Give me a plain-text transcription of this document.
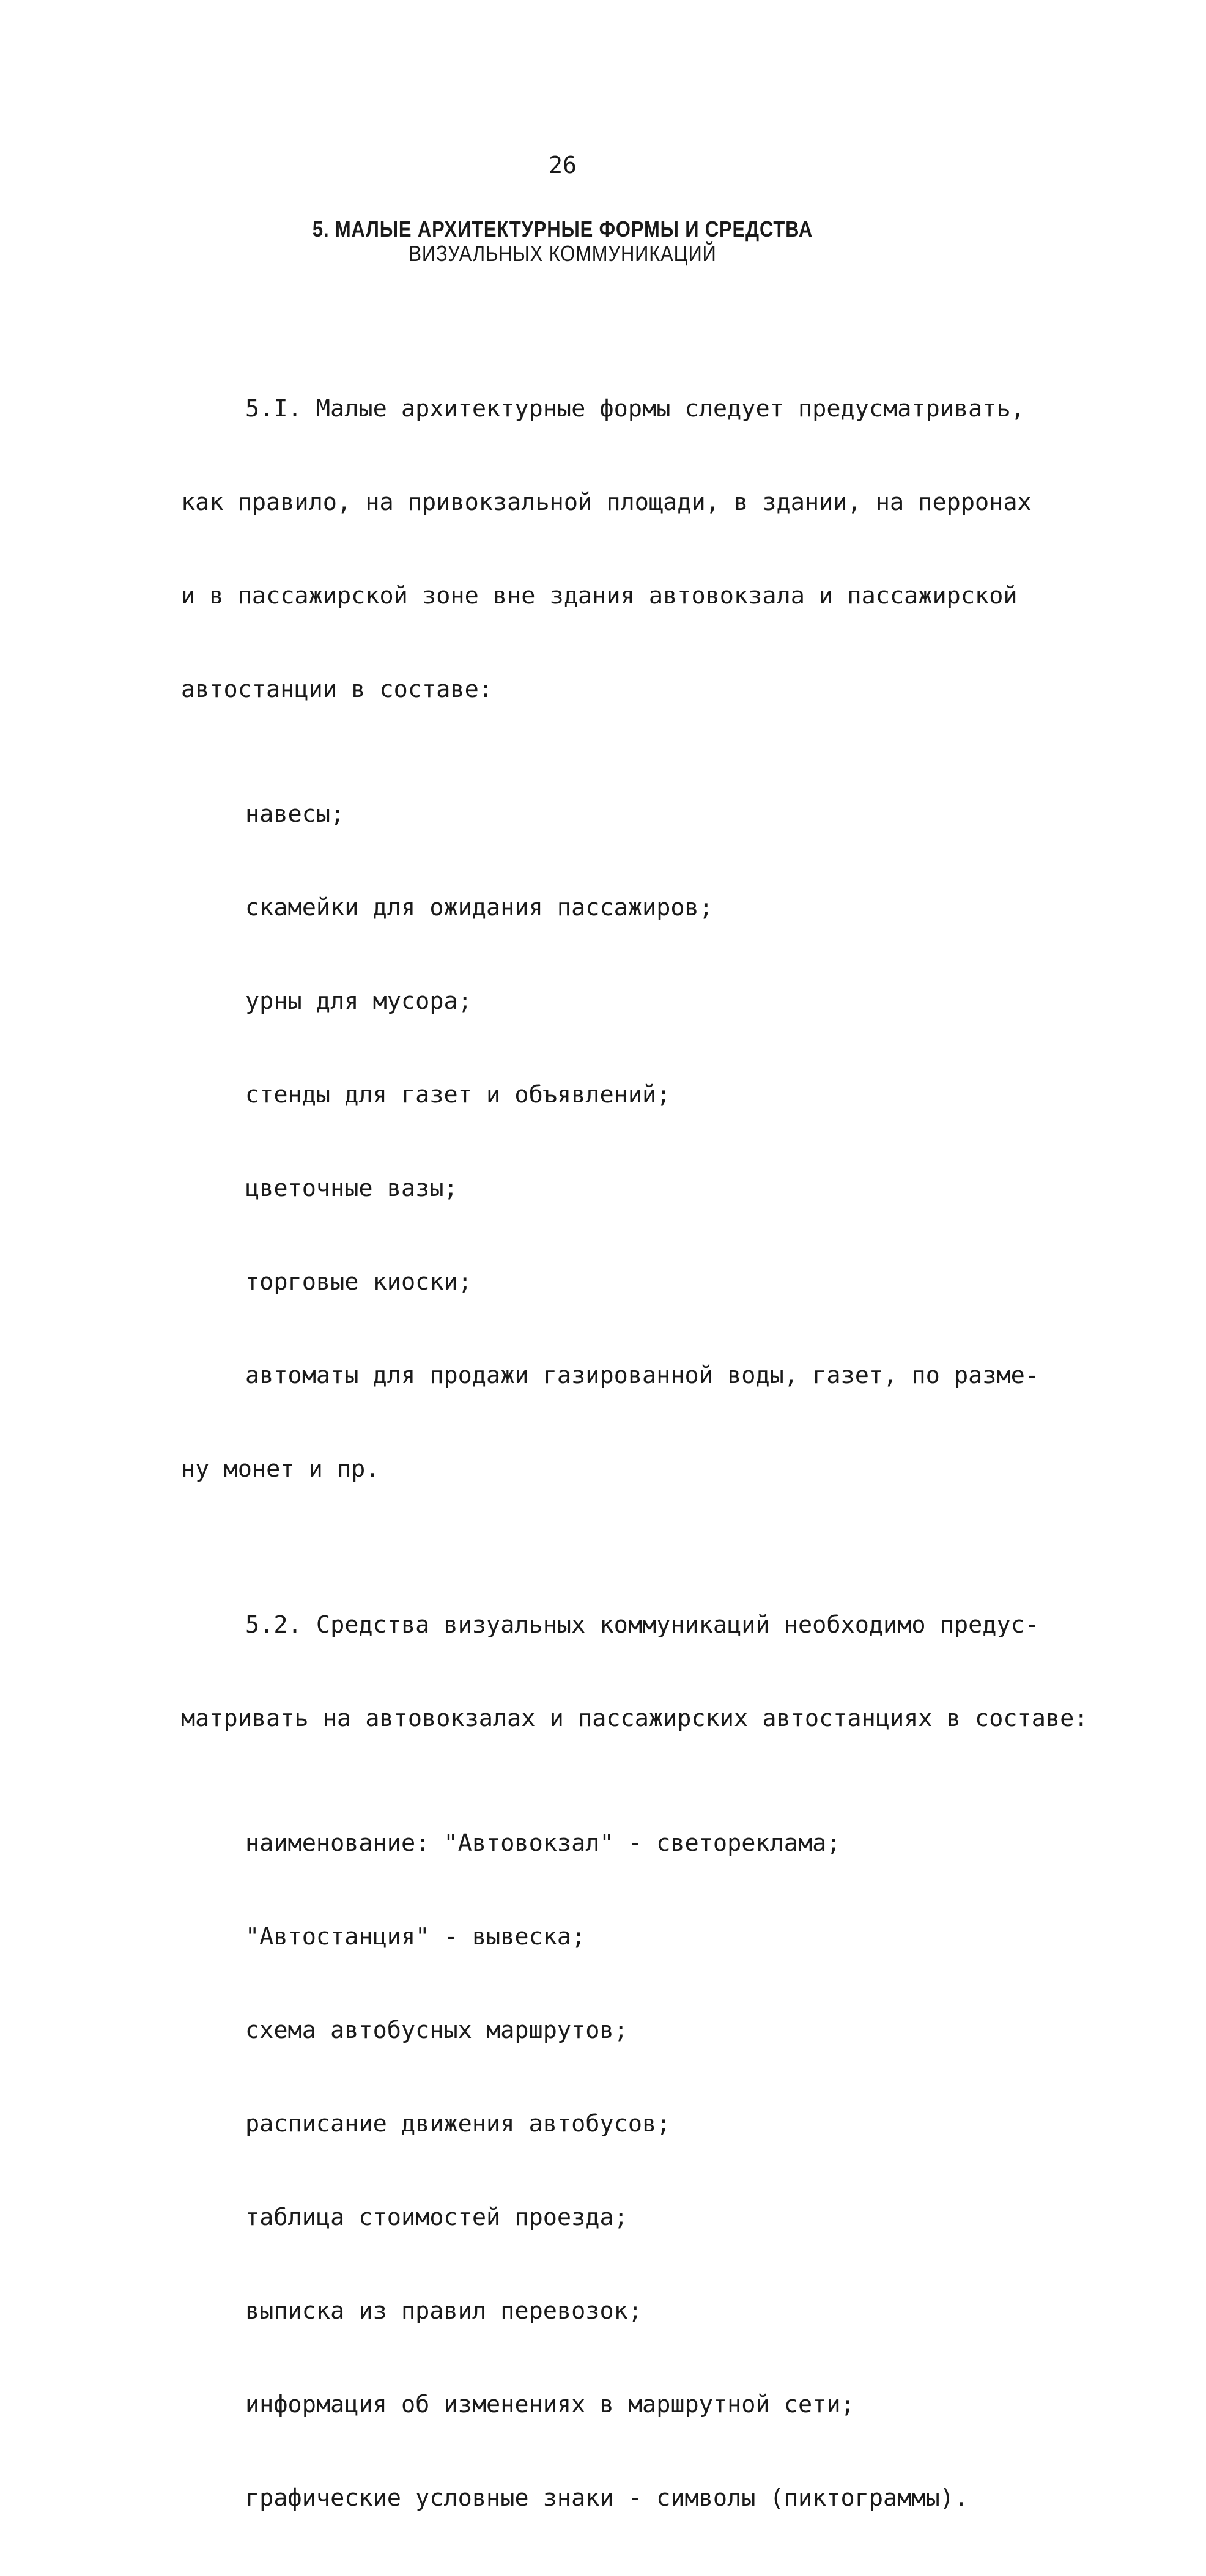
26
5. МАЛЫЕ АРХИТЕКТУРНЫЕ ФОРМЫ И СРЕДСТВА
ВИЗУАЛЬНЫХ КОММУНИКАЦИЙ

5.I. Малые архитектурные формы следует предусматривать,

как правило, на привокзальной площади, в здании, на перронах

и в пассажирской зоне вне здания автовокзала и пассажирской

автостанции в составе:

навесы;

скамейки для ожидания пассажиров;

урны для мусора;

стенды для газет и объявлений;

цветочные вазы;

торговые киоски;

автоматы для продажи газированной воды, газет, по разме-

ну монет и пр.

5.2. Средства визуальных коммуникаций необходимо предус-

матривать на автовокзалах и пассажирских автостанциях в составе:

наименование: "Автовокзал" - светореклама;

"Автостанция" - вывеска;

схема автобусных маршрутов;

расписание движения автобусов;

таблица стоимостей проезда;

выписка из правил перевозок;

информация об изменениях в маршрутной сети;

графические условные знаки - символы (пиктограммы).
